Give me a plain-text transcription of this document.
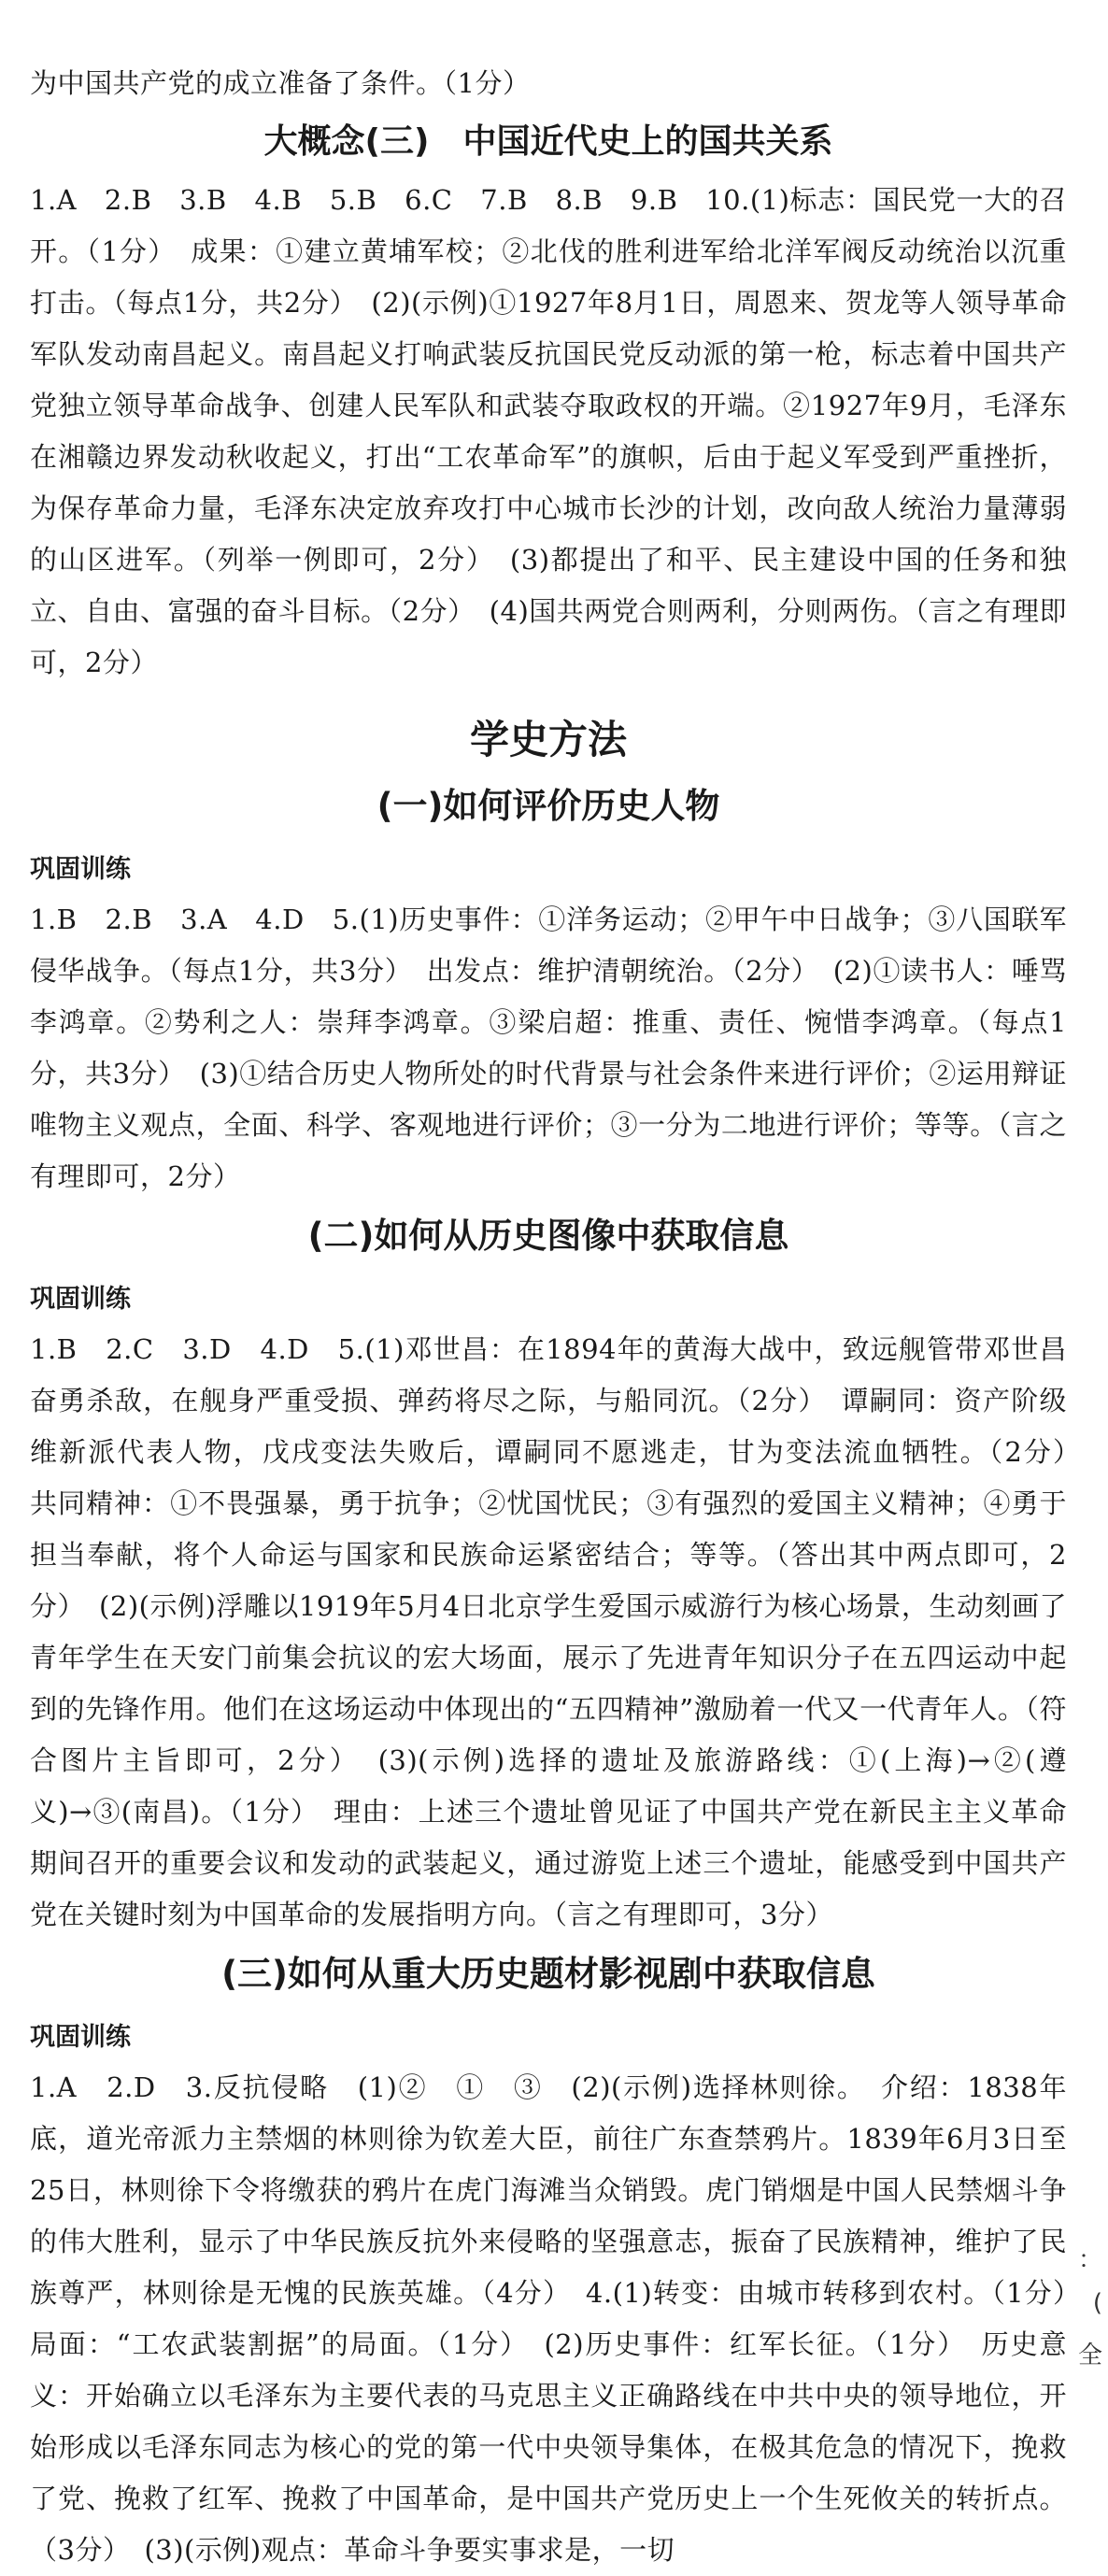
为中国共产党的成立准备了条件。（1分）

大概念(三)　中国近代史上的国共关系

1.A　2.B　3.B　4.B　5.B　6.C　7.B　8.B　9.B　10.(1)标志：国民党一大的召开。（1分）　成果：①建立黄埔军校；②北伐的胜利进军给北洋军阀反动统治以沉重打击。（每点1分，共2分）　(2)(示例)①1927年8月1日，周恩来、贺龙等人领导革命军队发动南昌起义。南昌起义打响武装反抗国民党反动派的第一枪，标志着中国共产党独立领导革命战争、创建人民军队和武装夺取政权的开端。②1927年9月，毛泽东在湘赣边界发动秋收起义，打出“工农革命军”的旗帜，后由于起义军受到严重挫折，为保存革命力量，毛泽东决定放弃攻打中心城市长沙的计划，改向敌人统治力量薄弱的山区进军。（列举一例即可，2分）　(3)都提出了和平、民主建设中国的任务和独立、自由、富强的奋斗目标。（2分）　(4)国共两党合则两利，分则两伤。（言之有理即可，2分）

学史方法
(一)如何评价历史人物
巩固训练

1.B　2.B　3.A　4.D　5.(1)历史事件：①洋务运动；②甲午中日战争；③八国联军侵华战争。（每点1分，共3分）　出发点：维护清朝统治。（2分）　(2)①读书人：唾骂李鸿章。②势利之人：崇拜李鸿章。③梁启超：推重、责任、惋惜李鸿章。（每点1分，共3分）　(3)①结合历史人物所处的时代背景与社会条件来进行评价；②运用辩证唯物主义观点，全面、科学、客观地进行评价；③一分为二地进行评价；等等。（言之有理即可，2分）

(二)如何从历史图像中获取信息
巩固训练

1.B　2.C　3.D　4.D　5.(1)邓世昌：在1894年的黄海大战中，致远舰管带邓世昌奋勇杀敌，在舰身严重受损、弹药将尽之际，与船同沉。（2分）　谭嗣同：资产阶级维新派代表人物，戊戌变法失败后，谭嗣同不愿逃走，甘为变法流血牺牲。（2分）　共同精神：①不畏强暴，勇于抗争；②忧国忧民；③有强烈的爱国主义精神；④勇于担当奉献，将个人命运与国家和民族命运紧密结合；等等。（答出其中两点即可，2分）　(2)(示例)浮雕以1919年5月4日北京学生爱国示威游行为核心场景，生动刻画了青年学生在天安门前集会抗议的宏大场面，展示了先进青年知识分子在五四运动中起到的先锋作用。他们在这场运动中体现出的“五四精神”激励着一代又一代青年人。（符合图片主旨即可，2分）　(3)(示例)选择的遗址及旅游路线：①(上海)→②(遵义)→③(南昌)。（1分）　理由：上述三个遗址曾见证了中国共产党在新民主主义革命期间召开的重要会议和发动的武装起义，通过游览上述三个遗址，能感受到中国共产党在关键时刻为中国革命的发展指明方向。（言之有理即可，3分）

(三)如何从重大历史题材影视剧中获取信息
巩固训练

1.A　2.D　3.反抗侵略　(1)②　①　③　(2)(示例)选择林则徐。　介绍：1838年底，道光帝派力主禁烟的林则徐为钦差大臣，前往广东查禁鸦片。1839年6月3日至25日，林则徐下令将缴获的鸦片在虎门海滩当众销毁。虎门销烟是中国人民禁烟斗争的伟大胜利，显示了中华民族反抗外来侵略的坚强意志，振奋了民族精神，维护了民族尊严，林则徐是无愧的民族英雄。（4分）　4.(1)转变：由城市转移到农村。（1分）　局面：“工农武装割据”的局面。（1分）　(2)历史事件：红军长征。（1分）　历史意义：开始确立以毛泽东为主要代表的马克思主义正确路线在中共中央的领导地位，开始形成以毛泽东同志为核心的党的第一代中央领导集体，在极其危急的情况下，挽救了党、挽救了红军、挽救了中国革命，是中国共产党历史上一个生死攸关的转折点。（3分）　(3)(示例)观点：革命斗争要实事求是，一切

：
(
全
